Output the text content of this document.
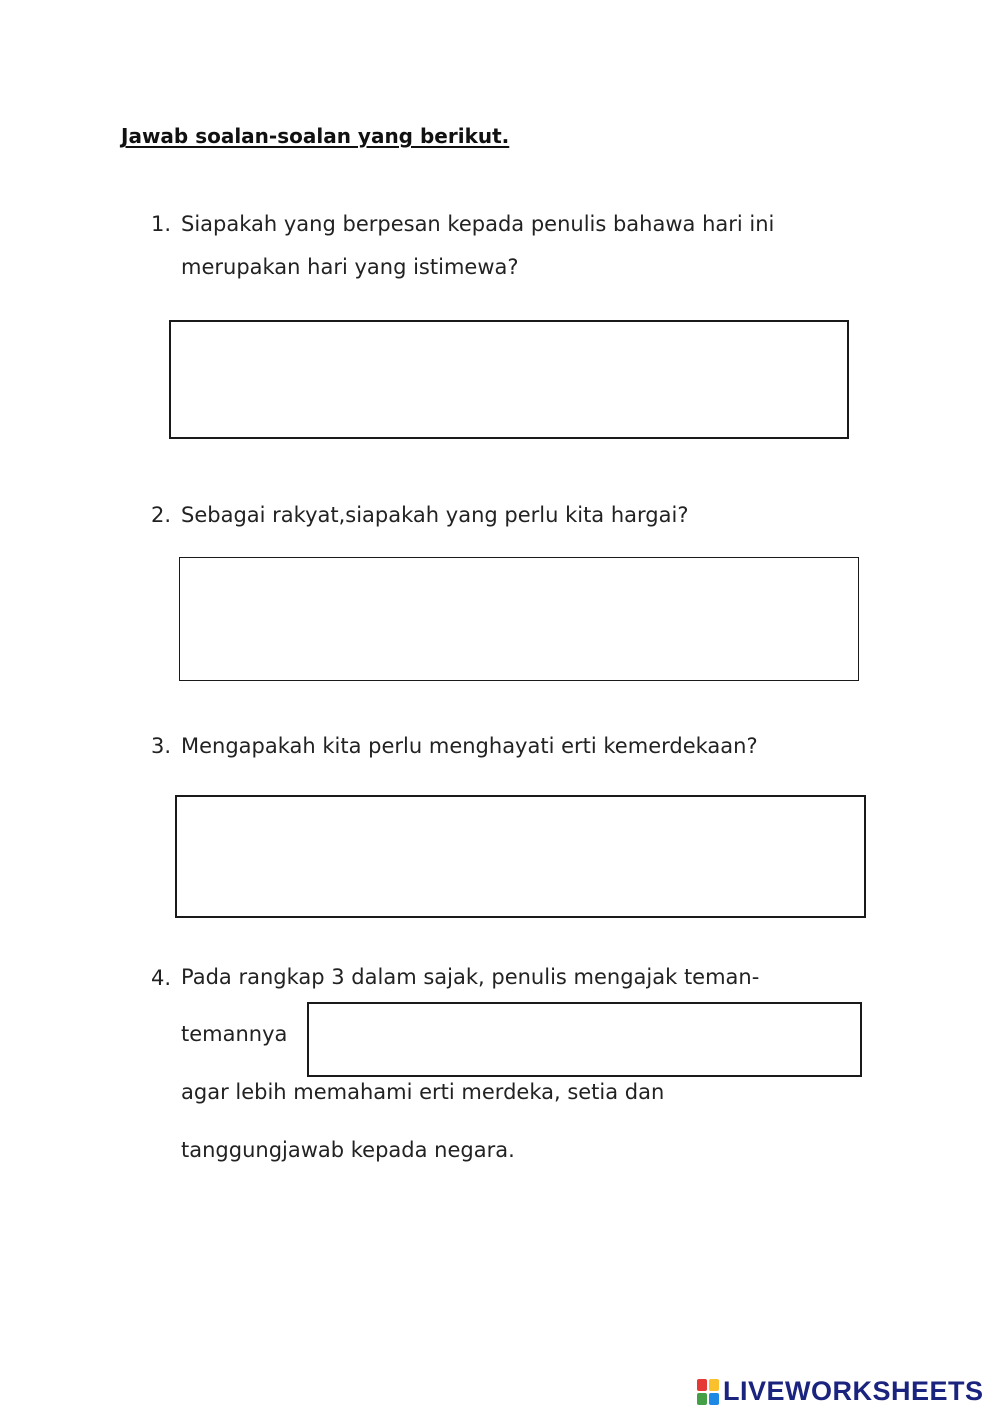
Jawab soalan-soalan yang berikut.
1. Siapakah yang berpesan kepada penulis bahawa hari ini
merupakan hari yang istimewa?
2. Sebagai rakyat,siapakah yang perlu kita hargai?
3. Mengapakah kita perlu menghayati erti kemerdekaan?
4. Pada rangkap 3 dalam sajak, penulis mengajak teman-
temannya
agar lebih memahami erti merdeka, setia dan
tanggungjawab kepada negara.
LIVEWORKSHEETS
